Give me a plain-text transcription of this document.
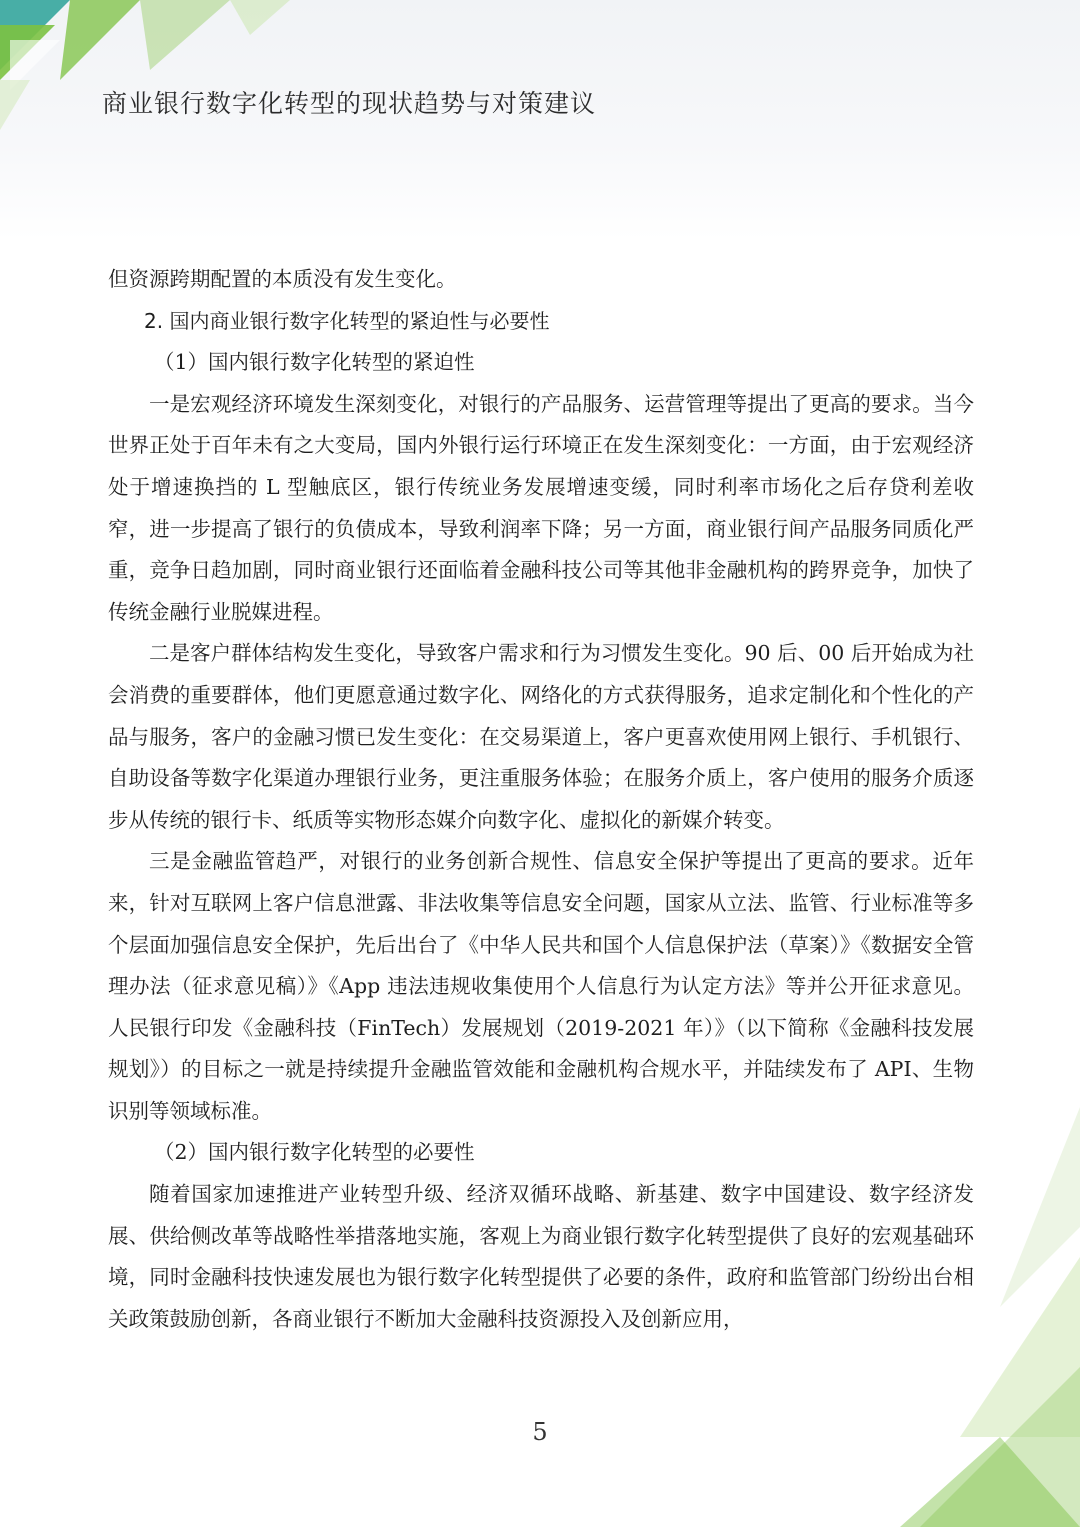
商业银行数字化转型的现状趋势与对策建议

但资源跨期配置的本质没有发生变化。

2. 国内商业银行数字化转型的紧迫性与必要性

（1）国内银行数字化转型的紧迫性

一是宏观经济环境发生深刻变化，对银行的产品服务、运营管理等提出了更高的要求。当今世界正处于百年未有之大变局，国内外银行运行环境正在发生深刻变化：一方面，由于宏观经济处于增速换挡的 L 型触底区，银行传统业务发展增速变缓，同时利率市场化之后存贷利差收窄，进一步提高了银行的负债成本，导致利润率下降；另一方面，商业银行间产品服务同质化严重，竞争日趋加剧，同时商业银行还面临着金融科技公司等其他非金融机构的跨界竞争，加快了传统金融行业脱媒进程。

二是客户群体结构发生变化，导致客户需求和行为习惯发生变化。90 后、00 后开始成为社会消费的重要群体，他们更愿意通过数字化、网络化的方式获得服务，追求定制化和个性化的产品与服务，客户的金融习惯已发生变化：在交易渠道上，客户更喜欢使用网上银行、手机银行、自助设备等数字化渠道办理银行业务，更注重服务体验；在服务介质上，客户使用的服务介质逐步从传统的银行卡、纸质等实物形态媒介向数字化、虚拟化的新媒介转变。

三是金融监管趋严，对银行的业务创新合规性、信息安全保护等提出了更高的要求。近年来，针对互联网上客户信息泄露、非法收集等信息安全问题，国家从立法、监管、行业标准等多个层面加强信息安全保护，先后出台了《中华人民共和国个人信息保护法（草案）》《数据安全管理办法（征求意见稿）》《App 违法违规收集使用个人信息行为认定方法》等并公开征求意见。人民银行印发《金融科技（FinTech）发展规划（2019-2021 年）》（以下简称《金融科技发展规划》）的目标之一就是持续提升金融监管效能和金融机构合规水平，并陆续发布了 API、生物识别等领域标准。

（2）国内银行数字化转型的必要性

随着国家加速推进产业转型升级、经济双循环战略、新基建、数字中国建设、数字经济发展、供给侧改革等战略性举措落地实施，客观上为商业银行数字化转型提供了良好的宏观基础环境，同时金融科技快速发展也为银行数字化转型提供了必要的条件，政府和监管部门纷纷出台相关政策鼓励创新，各商业银行不断加大金融科技资源投入及创新应用，

5
